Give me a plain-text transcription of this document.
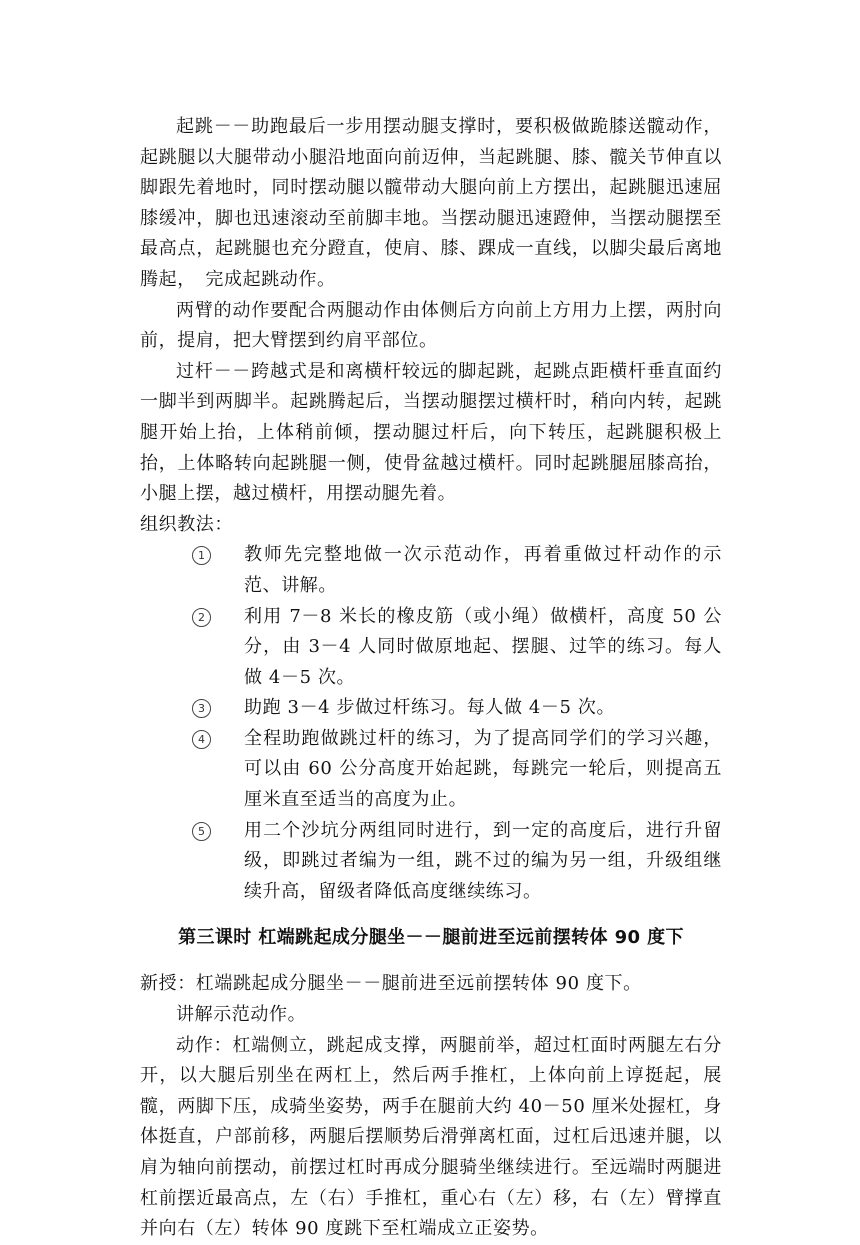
起跳－－助跑最后一步用摆动腿支撑时，要积极做跪膝送髋动作，起跳腿以大腿带动小腿沿地面向前迈伸，当起跳腿、膝、髋关节伸直以脚跟先着地时，同时摆动腿以髋带动大腿向前上方摆出，起跳腿迅速屈膝缓冲，脚也迅速滚动至前脚丰地。当摆动腿迅速蹬伸，当摆动腿摆至最高点，起跳腿也充分蹬直，使肩、膝、踝成一直线，以脚尖最后离地腾起，　完成起跳动作。

两臂的动作要配合两腿动作由体侧后方向前上方用力上摆，两肘向前，提肩，把大臂摆到约肩平部位。

过杆－－跨越式是和离横杆较远的脚起跳，起跳点距横杆垂直面约一脚半到两脚半。起跳腾起后，当摆动腿摆过横杆时，稍向内转，起跳腿开始上抬，上体稍前倾，摆动腿过杆后，向下转压，起跳腿积极上抬，上体略转向起跳腿一侧，使骨盆越过横杆。同时起跳腿屈膝高抬，小腿上摆，越过横杆，用摆动腿先着。

组织教法：

1	教师先完整地做一次示范动作，再着重做过杆动作的示范、讲解。
2	利用 7－8 米长的橡皮筋（或小绳）做横杆，高度 50 公分，由 3－4 人同时做原地起、摆腿、过竿的练习。每人做 4－5 次。
3	助跑 3－4 步做过杆练习。每人做 4－5 次。
4	全程助跑做跳过杆的练习，为了提高同学们的学习兴趣，可以由 60 公分高度开始起跳，每跳完一轮后，则提高五厘米直至适当的高度为止。
5	用二个沙坑分两组同时进行，到一定的高度后，进行升留级，即跳过者编为一组，跳不过的编为另一组，升级组继续升高，留级者降低高度继续练习。
第三课时 杠端跳起成分腿坐－－腿前进至远前摆转体 90 度下

新授：杠端跳起成分腿坐－－腿前进至远前摆转体 90 度下。

讲解示范动作。

动作：杠端侧立，跳起成支撑，两腿前举，超过杠面时两腿左右分开，以大腿后别坐在两杠上，然后两手推杠，上体向前上谆挺起，展髋，两脚下压，成骑坐姿势，两手在腿前大约 40－50 厘米处握杠，身体挺直，户部前移，两腿后摆顺势后滑弹离杠面，过杠后迅速并腿，以肩为轴向前摆动，前摆过杠时再成分腿骑坐继续进行。至远端时两腿进杠前摆近最高点，左（右）手推杠，重心右（左）移，右（左）臂撑直并向右（左）转体 90 度跳下至杠端成立正姿势。
